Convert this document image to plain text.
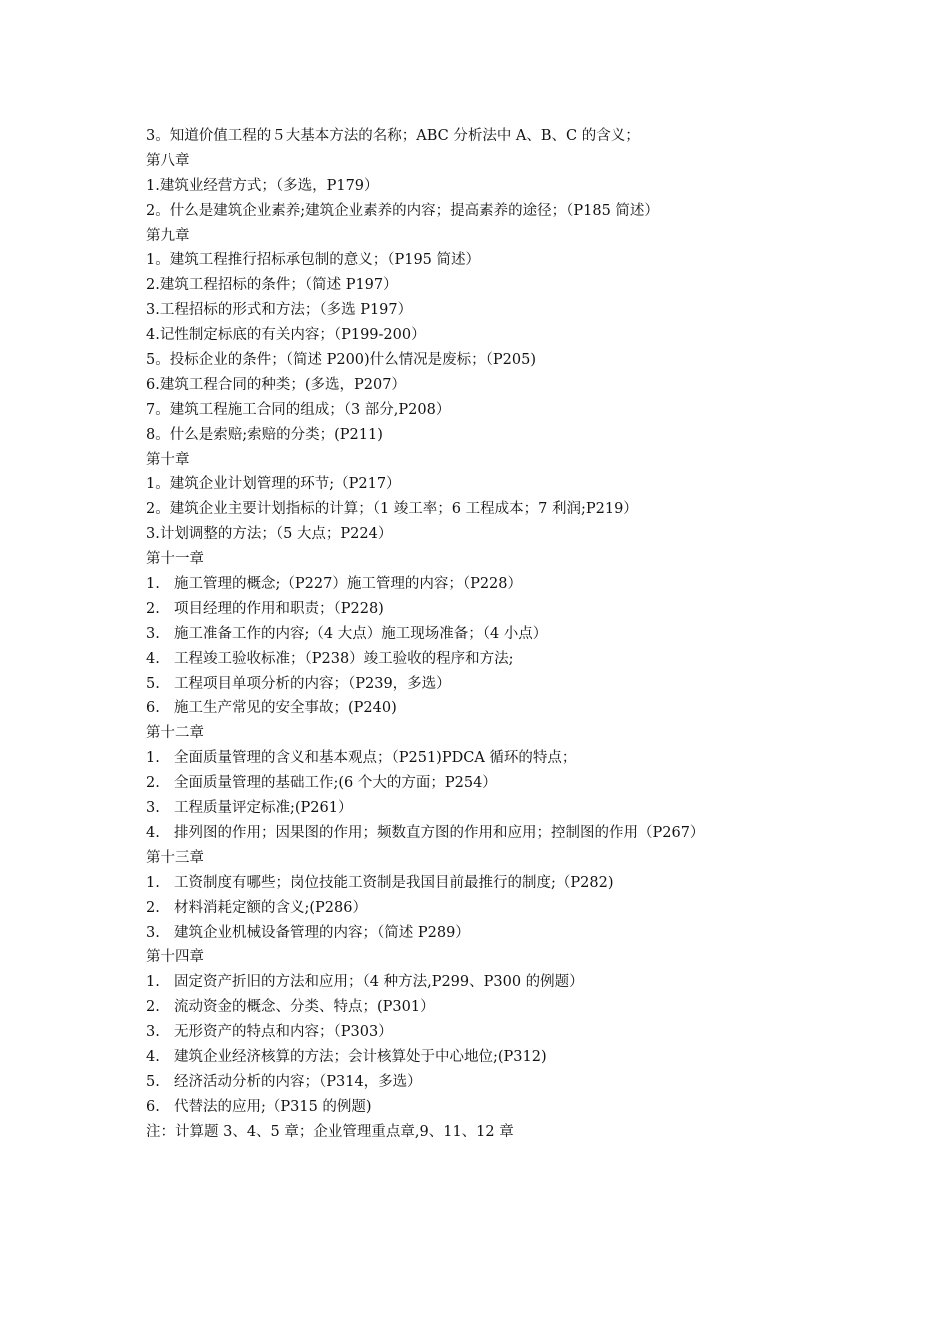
3。知道价值工程的５大基本方法的名称；ABC 分析法中 A、B、C 的含义；
第八章
1.建筑业经营方式；（多选，P179）
2。什么是建筑企业素养;建筑企业素养的内容；提高素养的途径；（P185 简述）
第九章
1。建筑工程推行招标承包制的意义；（P195 简述）
2.建筑工程招标的条件；（简述 P197）
3.工程招标的形式和方法；（多选 P197）
4.记性制定标底的有关内容；（P199-200）
5。投标企业的条件；（简述 P200)什么情况是废标；（P205)
6.建筑工程合同的种类；(多选，P207）
7。建筑工程施工合同的组成；（3 部分,P208）
8。什么是索赔;索赔的分类；(P211)
第十章
1。建筑企业计划管理的环节;（P217）
2。建筑企业主要计划指标的计算；（1 竣工率；6 工程成本；7 利润;P219）
3.计划调整的方法；（5 大点；P224）
第十一章
1. 施工管理的概念;（P227）施工管理的内容；（P228）
2. 项目经理的作用和职责；（P228)
3. 施工准备工作的内容;（4 大点）施工现场准备；（4 小点）
4. 工程竣工验收标准；（P238）竣工验收的程序和方法;
5. 工程项目单项分析的内容；（P239，多选）
6. 施工生产常见的安全事故；(P240)
第十二章
1. 全面质量管理的含义和基本观点；（P251)PDCA 循环的特点；
2. 全面质量管理的基础工作;(6 个大的方面；P254）
3. 工程质量评定标准;(P261）
4. 排列图的作用；因果图的作用；频数直方图的作用和应用；控制图的作用（P267）
第十三章
1. 工资制度有哪些；岗位技能工资制是我国目前最推行的制度;（P282)
2. 材料消耗定额的含义;(P286）
3. 建筑企业机械设备管理的内容；（简述 P289）
第十四章
1. 固定资产折旧的方法和应用；（4 种方法,P299、P300 的例题）
2. 流动资金的概念、分类、特点；(P301）
3. 无形资产的特点和内容；（P303）
4. 建筑企业经济核算的方法；会计核算处于中心地位;(P312)
5. 经济活动分析的内容；（P314，多选）
6. 代替法的应用;（P315 的例题)
注：计算题 3、4、5 章；企业管理重点章,9、11、12 章
